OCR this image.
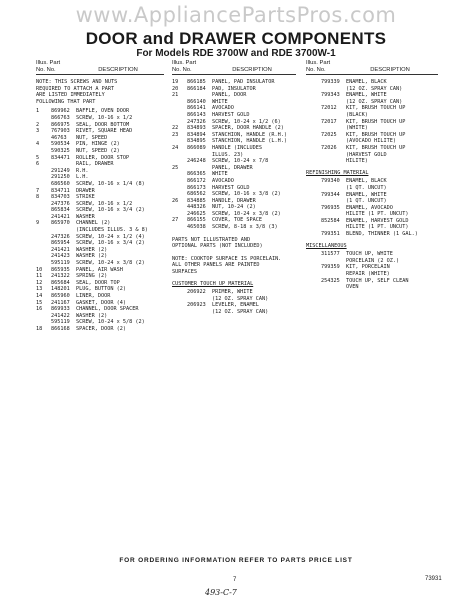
www.AppliancePartsPros.com
DOOR and DRAWER COMPONENTS
For Models RDE 3700W and RDE 3700W-1
Illus. Part
No. No.	DESCRIPTION
NOTE: THIS SCREWS AND NUTS
REQUIRED TO ATTACH A PART
ARE LISTED IMMEDIATELY
FOLLOWING THAT PART
1	869962	BAFFLE, OVEN DOOR
866763	SCREW, 10-16 x 1/2
2	866975	SEAL, DOOR BOTTOM
3	767903	RIVET, SQUARE HEAD
46763	NUT, SPEED
4	590534	PIN, HINGE (2)
590325	NUT, SPEED (2)
5	834471	ROLLER, DOOR STOP
6	RAIL, DRAWER
291249	R.H.
291250	L.H.
686560	SCREW, 10-16 x 1/4 (8)
7	834711	DRAWER
8	834703	STRIKE
247376	SCREW, 10-16 x 1/2
865834	SCREW, 10-16 x 3/4 (2)
241421	WASHER
9	865970	CHANNEL (2)
(INCLUDES ILLUS. 3 & 8)
247326	SCREW, 10-24 x 1/2 (4)
865954	SCREW, 10-16 x 3/4 (2)
241421	WASHER (2)
241423	WASHER (2)
595119	SCREW, 10-24 x 3/8 (2)
10	865935	PANEL, AIR WASH
11	241322	SPRING (2)
12	865684	SEAL, DOOR TOP
13	148201	PLUG, BUTTON (2)
14	865960	LINER, DOOR
15	241167	GASKET, DOOR (4)
16	869933	CHANNEL, DOOR SPACER
241422	WASHER (2)
595119	SCREW, 10-24 x 5/8 (2)
18	866168	SPACER, DOOR (2)
Illus. Part
No. No.	DESCRIPTION
19	866185	PANEL, PAD INSULATOR
20	866184	PAD, INSULATOR
21	PANEL, DOOR
866140	WHITE
866141	AVOCADO
866143	HARVEST GOLD
247326	SCREW, 10-24 x 1/2 (6)
22	834893	SPACER, DOOR HANDLE (2)
23	834894	STANCHION, HANDLE (R.H.)
834895	STANCHION, HANDLE (L.H.)
24	866089	HANDLE (INCLUDES
ILLUS. 23)
246248	SCREW, 10-24 x 7/8
25	PANEL, DRAWER
866365	WHITE
866172	AVOCADO
866173	HARVEST GOLD
686562	SCREW, 10-16 x 3/8 (2)
26	834885	HANDLE, DRAWER
448326	NUT, 10-24 (2)
246625	SCREW, 10-24 x 3/8 (2)
27	866155	COVER, TOE SPACE
465038	SCREW, 8-18 x 3/8 (3)
PARTS NOT ILLUSTRATED AND
OPTIONAL PARTS (NOT INCLUDED)
NOTE: COOKTOP SURFACE IS PORCELAIN.
ALL OTHER PANELS ARE PAINTED
SURFACES
CUSTOMER TOUCH UP MATERIAL
206922	PRIMER, WHITE
(12 OZ. SPRAY CAN)
206923	LEVELER, ENAMEL
(12 OZ. SPRAY CAN)
Illus. Part
No. No.	DESCRIPTION
799339	ENAMEL, BLACK
(12 OZ. SPRAY CAN)
799343	ENAMEL, WHITE
(12 OZ. SPRAY CAN)
72012	KIT, BRUSH TOUCH UP
(BLACK)
72017	KIT, BRUSH TOUCH UP
(WHITE)
72025	KIT, BRUSH TOUCH UP
(AVOCADO HILITE)
72026	KIT, BRUSH TOUCH UP
(HARVEST GOLD
HILITE)
REFINISHING MATERIAL
799340	ENAMEL, BLACK
(1 QT. UNCUT)
799344	ENAMEL, WHITE
(1 QT. UNCUT)
796935	ENAMEL, AVOCADO
HILITE (1 PT. UNCUT)
852584	ENAMEL, HARVEST GOLD
HILITE (1 PT. UNCUT)
799351	BLEND, THINNER (1 GAL.)
MISCELLANEOUS
311577	TOUCH UP, WHITE
PORCELAIN (2 OZ.)
799359	KIT, PORCELAIN
REPAIR (WHITE)
254325	TOUCH UP, SELF CLEAN
OVEN
FOR ORDERING INFORMATION REFER TO PARTS PRICE LIST
7	73931
493-C-7
